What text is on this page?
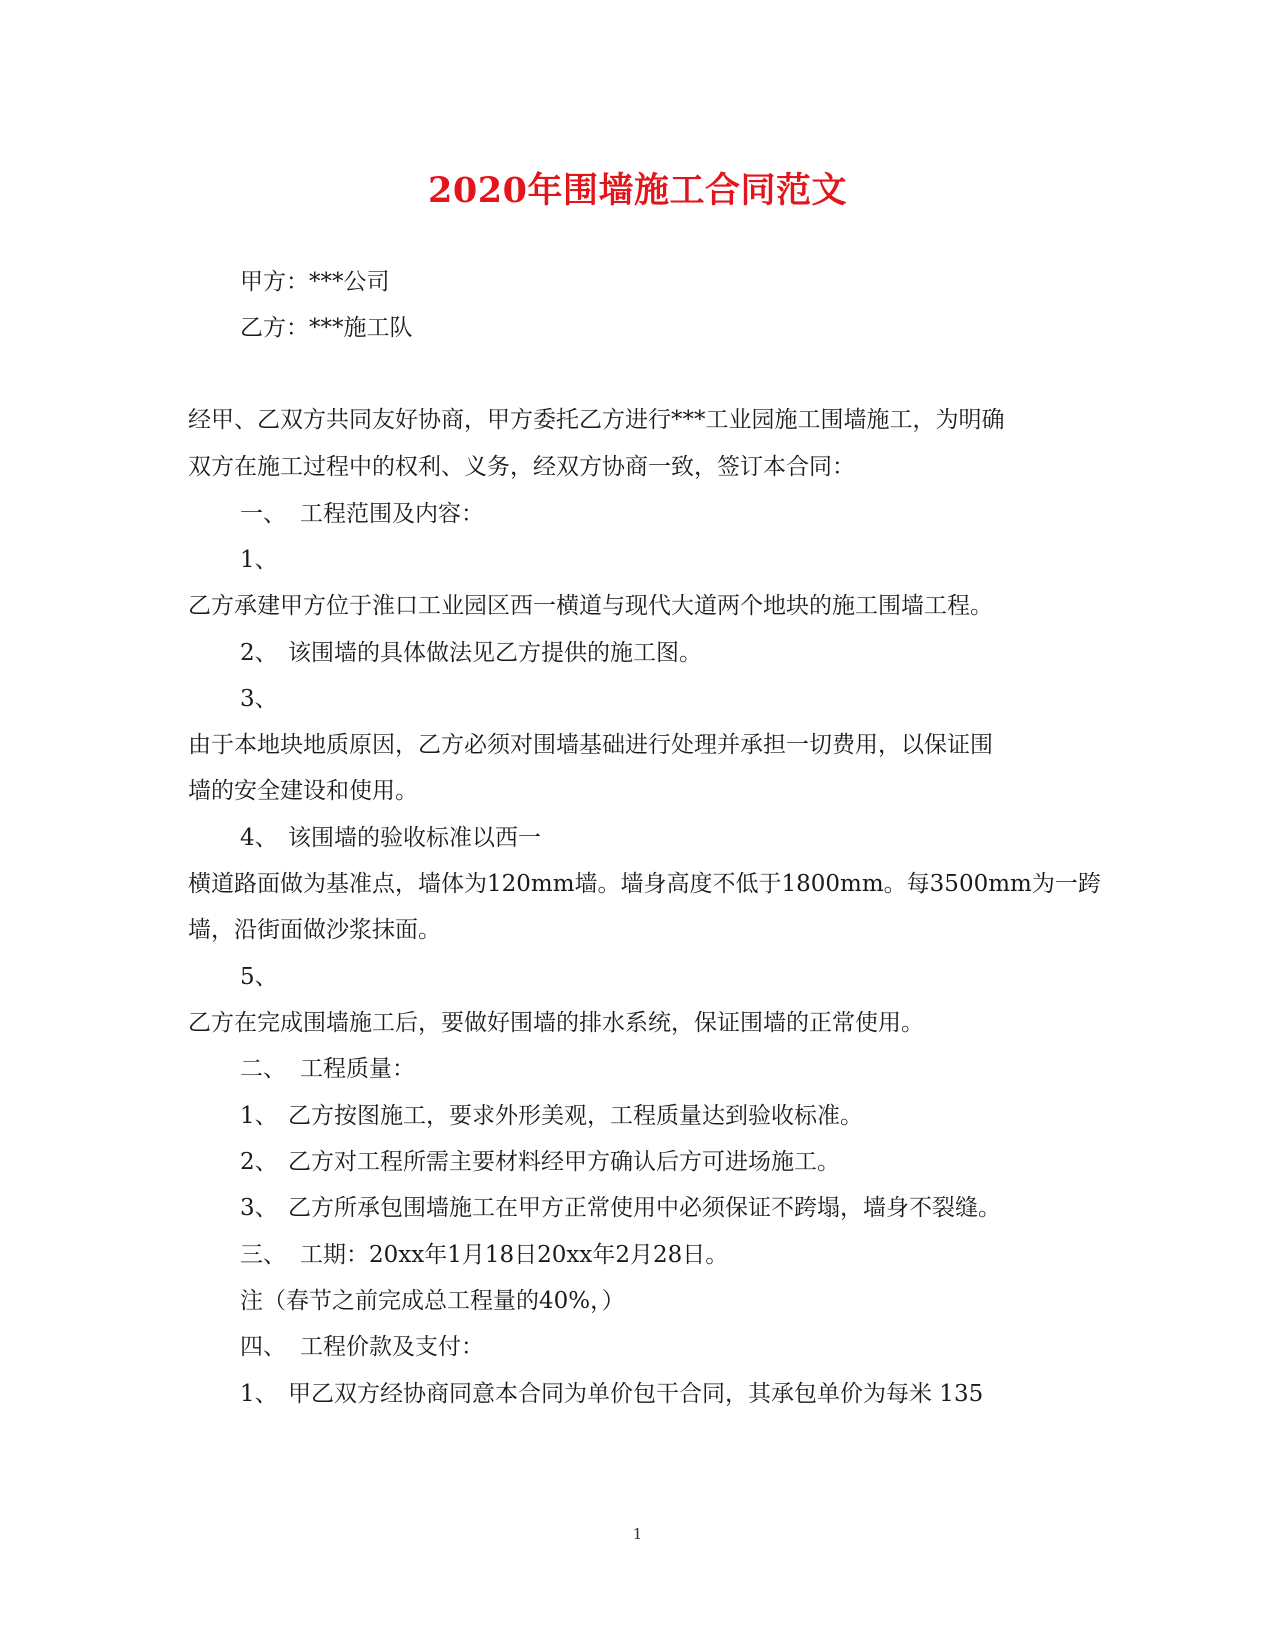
2020年围墙施工合同范文

甲方：***公司

乙方：***施工队

经甲、乙双方共同友好协商，甲方委托乙方进行***工业园施工围墙施工，为明确

双方在施工过程中的权利、义务，经双方协商一致，签订本合同：

一、 工程范围及内容：

1、

乙方承建甲方位于淮口工业园区西一横道与现代大道两个地块的施工围墙工程。

2、 该围墙的具体做法见乙方提供的施工图。

3、

由于本地块地质原因，乙方必须对围墙基础进行处理并承担一切费用，以保证围

墙的安全建设和使用。

4、 该围墙的验收标准以西一

横道路面做为基准点，墙体为120mm墙。墙身高度不低于1800mm。每3500mm为一跨

墙，沿街面做沙浆抹面。

5、

乙方在完成围墙施工后，要做好围墙的排水系统，保证围墙的正常使用。

二、 工程质量：

1、 乙方按图施工，要求外形美观，工程质量达到验收标准。

2、 乙方对工程所需主要材料经甲方确认后方可进场施工。

3、 乙方所承包围墙施工在甲方正常使用中必须保证不跨塌，墙身不裂缝。

三、 工期：20xx年1月18日20xx年2月28日。

注（春节之前完成总工程量的40%，）

四、 工程价款及支付：

1、 甲乙双方经协商同意本合同为单价包干合同，其承包单价为每米 135

1
